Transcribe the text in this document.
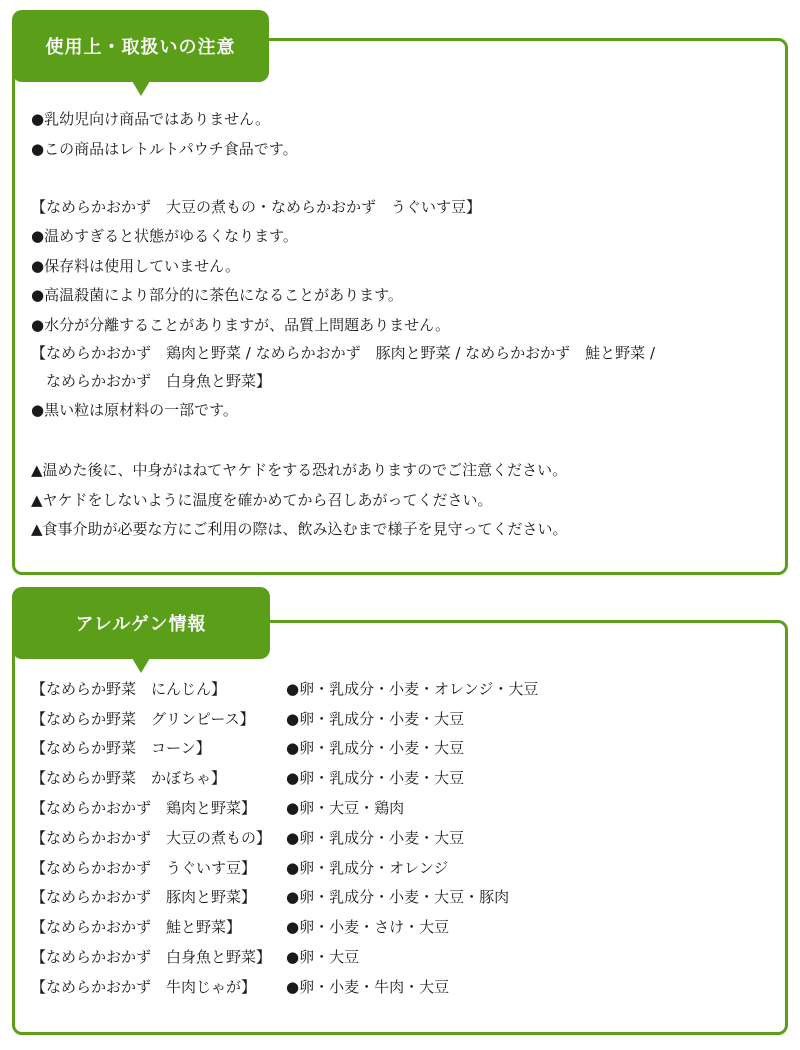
使用上・取扱いの注意
●乳幼児向け商品ではありません。
●この商品はレトルトパウチ食品です。
【なめらかおかず　大豆の煮もの・なめらかおかず　うぐいす豆】
●温めすぎると状態がゆるくなります。
●保存料は使用していません。
●高温殺菌により部分的に茶色になることがあります。
●水分が分離することがありますが、品質上問題ありません。
【なめらかおかず　鶏肉と野菜 / なめらかおかず　豚肉と野菜 / なめらかおかず　鮭と野菜 /
　なめらかおかず　白身魚と野菜】
●黒い粒は原材料の一部です。
▲温めた後に、中身がはねてヤケドをする恐れがありますのでご注意ください。
▲ヤケドをしないように温度を確かめてから召しあがってください。
▲食事介助が必要な方にご利用の際は、飲み込むまで様子を見守ってください。
アレルゲン情報
【なめらか野菜　にんじん】	●卵・乳成分・小麦・オレンジ・大豆
【なめらか野菜　グリンピース】 ●卵・乳成分・小麦・大豆
【なめらか野菜　コーン】	●卵・乳成分・小麦・大豆
【なめらか野菜　かぼちゃ】	●卵・乳成分・小麦・大豆
【なめらかおかず　鶏肉と野菜】 ●卵・大豆・鶏肉
【なめらかおかず　大豆の煮もの】 ●卵・乳成分・小麦・大豆
【なめらかおかず　うぐいす豆】 ●卵・乳成分・オレンジ
【なめらかおかず　豚肉と野菜】 ●卵・乳成分・小麦・大豆・豚肉
【なめらかおかず　鮭と野菜】	●卵・小麦・さけ・大豆
【なめらかおかず　白身魚と野菜】 ●卵・大豆
【なめらかおかず　牛肉じゃが】 ●卵・小麦・牛肉・大豆
